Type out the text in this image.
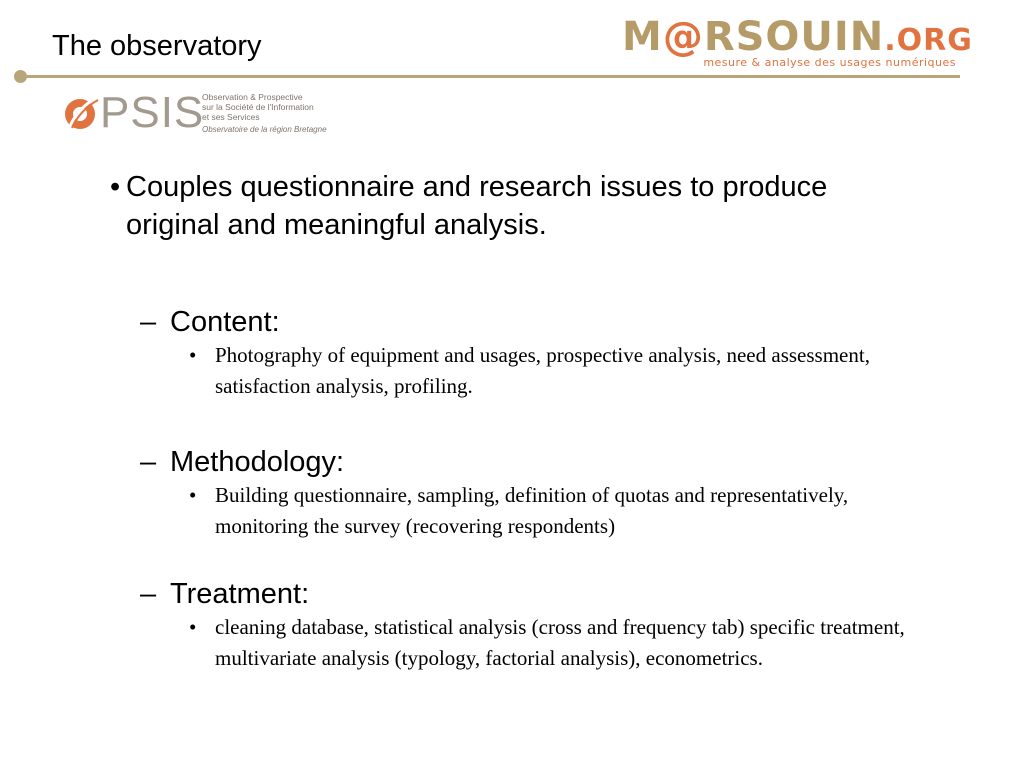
The observatory	M@RSOUIN.ORG
mesure & analyse des usages numériques
PSIS
Observation & Prospective
sur la Société de l'Information
et ses Services
Observatoire de la région Bretagne
• Couples questionnaire and research issues to produce original and meaningful analysis.
– Content:
• Photography of equipment and usages, prospective analysis, need assessment, satisfaction analysis, profiling.
– Methodology:
• Building questionnaire, sampling, definition of quotas and representatively, monitoring the survey (recovering respondents)
– Treatment:
• cleaning database, statistical analysis (cross and frequency tab) specific treatment, multivariate analysis (typology, factorial analysis), econometrics.
